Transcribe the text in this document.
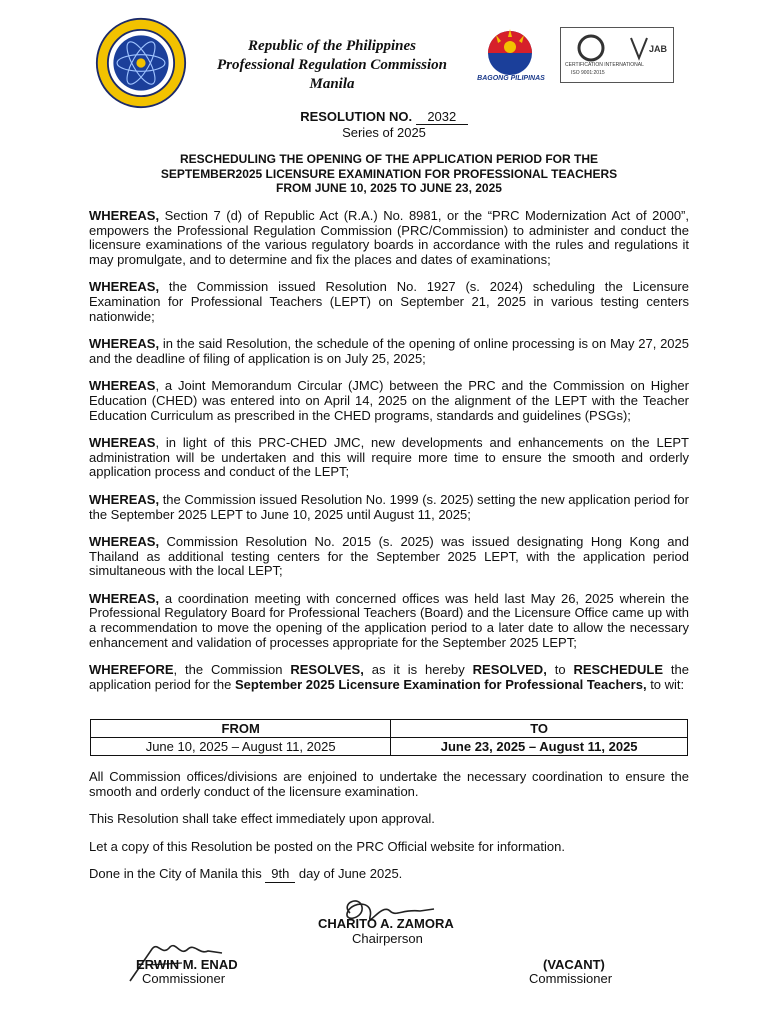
Republic of the Philippines
Professional Regulation Commission
Manila	BAGONG PILIPINAS
CERTIFICATION INTERNATIONAL
ISO 9001:2015
JAB
RESOLUTION NO. 2032
Series of 2025
RESCHEDULING THE OPENING OF THE APPLICATION PERIOD FOR THE
SEPTEMBER2025 LICENSURE EXAMINATION FOR PROFESSIONAL TEACHERS
FROM JUNE 10, 2025 TO JUNE 23, 2025

WHEREAS, Section 7 (d) of Republic Act (R.A.) No. 8981, or the “PRC Modernization Act of 2000”, empowers the Professional Regulation Commission (PRC/Commission) to administer and conduct the licensure examinations of the various regulatory boards in accordance with the rules and regulations it may promulgate, and to determine and fix the places and dates of examinations;

WHEREAS, the Commission issued Resolution No. 1927 (s. 2024) scheduling the Licensure Examination for Professional Teachers (LEPT) on September 21, 2025 in various testing centers nationwide;

WHEREAS, in the said Resolution, the schedule of the opening of online processing is on May 27, 2025 and the deadline of filing of application is on July 25, 2025;

WHEREAS, a Joint Memorandum Circular (JMC) between the PRC and the Commission on Higher Education (CHED) was entered into on April 14, 2025 on the alignment of the LEPT with the Teacher Education Curriculum as prescribed in the CHED programs, standards and guidelines (PSGs);

WHEREAS, in light of this PRC-CHED JMC, new developments and enhancements on the LEPT administration will be undertaken and this will require more time to ensure the smooth and orderly application process and conduct of the LEPT;

WHEREAS, the Commission issued Resolution No. 1999 (s. 2025) setting the new application period for the September 2025 LEPT to June 10, 2025 until August 11, 2025;

WHEREAS, Commission Resolution No. 2015 (s. 2025) was issued designating Hong Kong and Thailand as additional testing centers for the September 2025 LEPT, with the application period simultaneous with the local LEPT;

WHEREAS, a coordination meeting with concerned offices was held last May 26, 2025 wherein the Professional Regulatory Board for Professional Teachers (Board) and the Licensure Office came up with a recommendation to move the opening of the application period to a later date to allow the necessary enhancement and validation of processes appropriate for the September 2025 LEPT;

WHEREFORE, the Commission RESOLVES, as it is hereby RESOLVED, to RESCHEDULE the application period for the September 2025 Licensure Examination for Professional Teachers, to wit:

FROM	TO
June 10, 2025 – August 11, 2025	June 23, 2025 – August 11, 2025

All Commission offices/divisions are enjoined to undertake the necessary coordination to ensure the smooth and orderly conduct of the licensure examination.

This Resolution shall take effect immediately upon approval.

Let a copy of this Resolution be posted on the PRC Official website for information.

Done in the City of Manila this 9th day of June 2025.

CHARITO A. ZAMORA
Chairperson
ERWIN M. ENAD
Commissioner
(VACANT)
Commissioner
